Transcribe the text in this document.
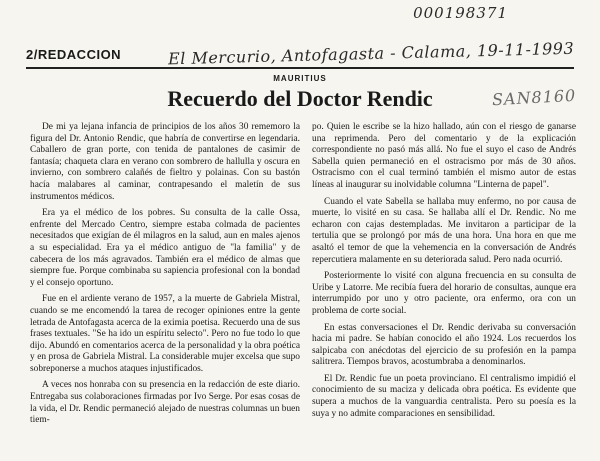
000198371
2/REDACCION	El Mercurio, Antofagasta - Calama, 19-11-1993
SAN8160
MAURITIUS
Recuerdo del Doctor Rendic

De mi ya lejana infancia de principios de los años 30 rememoro la figura del Dr. Antonio Rendic, que habría de convertirse en legendaria. Caballero de gran porte, con tenida de pantalones de casimir de fantasía; chaqueta clara en verano con sombrero de hallulla y oscura en invierno, con sombrero calañés de fieltro y polainas. Con su bastón hacía malabares al caminar, contrapesando el maletín de sus instrumentos médicos.

Era ya el médico de los pobres. Su consulta de la calle Ossa, enfrente del Mercado Centro, siempre estaba colmada de pacientes necesitados que exigían de él milagros en la salud, aun en males ajenos a su especialidad. Era ya el médico antiguo de "la familia" y de cabecera de los más agravados. También era el médico de almas que siempre fue. Porque combinaba su sapiencia profesional con la bondad y el consejo oportuno.

Fue en el ardiente verano de 1957, a la muerte de Gabriela Mistral, cuando se me encomendó la tarea de recoger opiniones entre la gente letrada de Antofagasta acerca de la eximia poetisa. Recuerdo una de sus frases textuales. "Se ha ido un espíritu selecto". Pero no fue todo lo que dijo. Abundó en comentarios acerca de la personalidad y la obra poética y en prosa de Gabriela Mistral. La considerable mujer excelsa que supo sobreponerse a muchos ataques injustificados.

A veces nos honraba con su presencia en la redacción de este diario. Entregaba sus colaboraciones firmadas por Ivo Serge. Por esas cosas de la vida, el Dr. Rendic permaneció alejado de nuestras columnas un buen tiem-

po. Quien le escribe se la hizo hallado, aún con el riesgo de ganarse una reprimenda. Pero del comentario y de la explicación correspondiente no pasó más allá. No fue el suyo el caso de Andrés Sabella quien permaneció en el ostracismo por más de 30 años. Ostracismo con el cual terminó también el mismo autor de estas líneas al inaugurar su inolvidable columna "Linterna de papel".

Cuando el vate Sabella se hallaba muy enfermo, no por causa de muerte, lo visité en su casa. Se hallaba allí el Dr. Rendic. No me echaron con cajas destempladas. Me invitaron a participar de la tertulia que se prolongó por más de una hora. Una hora en que me asaltó el temor de que la vehemencia en la conversación de Andrés repercutiera malamente en su deteriorada salud. Pero nada ocurrió.

Posteriormente lo visité con alguna frecuencia en su consulta de Uribe y Latorre. Me recibía fuera del horario de consultas, aunque era interrumpido por uno y otro paciente, ora enfermo, ora con un problema de corte social.

En estas conversaciones el Dr. Rendic derivaba su conversación hacia mi padre. Se habían conocido el año 1924. Los recuerdos los salpicaba con anécdotas del ejercicio de su profesión en la pampa salitrera. Tiempos bravos, acostumbraba a denominarlos.

El Dr. Rendic fue un poeta provinciano. El centralismo impidió el conocimiento de su maciza y delicada obra poética. Es evidente que supera a muchos de la vanguardia centralista. Pero su poesía es la suya y no admite comparaciones en sensibilidad.
